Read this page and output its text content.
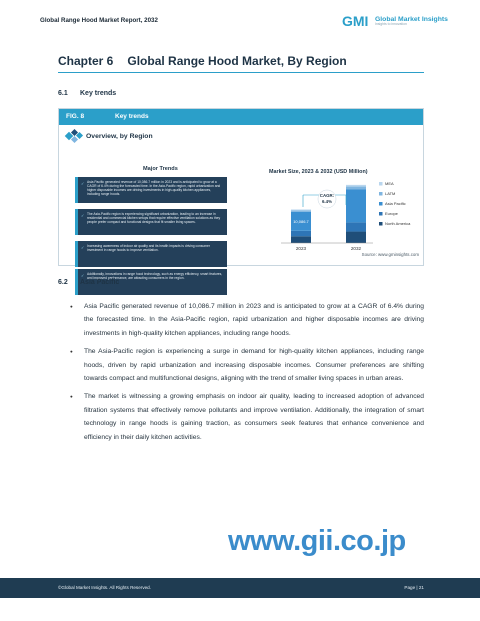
Global Range Hood Market Report, 2032	GMI Global Market Insights
Insights to innovation
Chapter 6 Global Range Hood Market, By Region
6.1 Key trends
FIG. 8	Key trends
Overview, by Region
Major Trends
✓ Asia Pacific generated revenue of 10,086.7 million in 2023 and is anticipated to grow at a CAGR of 6.4% during the forecasted time. In the Asia-Pacific region, rapid urbanization and higher disposable incomes are driving investments in high-quality kitchen appliances, including range hoods.
✓ The Asia-Pacific region is experiencing significant urbanization, leading to an increase in residential and commercial kitchen setups that require effective ventilation solutions as they people prefer compact and functional designs that fit smaller living spaces.
Market Size, 2023 & 2032 (USD Million)
10,086.7
2023	2032
CAGR:
6.4%
MEA
LATM
Asia Pacific
Europe
North America
Source: www.gminsights.com
✓ Increasing awareness of indoor air quality and its health impacts is driving consumer investment in range hoods to improve ventilation.
✓ Additionally, innovations in range hood technology, such as energy efficiency, smart features, and improved performance, are attracting consumers in the region.
6.2 Asia Pacific
● Asia Pacific generated revenue of 10,086.7 million in 2023 and is anticipated to grow at a CAGR of 6.4% during the forecasted time. In the Asia-Pacific region, rapid urbanization and higher disposable incomes are driving investments in high-quality kitchen appliances, including range hoods.
● The Asia-Pacific region is experiencing a surge in demand for high-quality kitchen appliances, including range hoods, driven by rapid urbanization and increasing disposable incomes. Consumer preferences are shifting towards compact and multifunctional designs, aligning with the trend of smaller living spaces in urban areas.
● The market is witnessing a growing emphasis on indoor air quality, leading to increased adoption of advanced filtration systems that effectively remove pollutants and improve ventilation. Additionally, the integration of smart technology in range hoods is gaining traction, as consumers seek features that enhance convenience and efficiency in their daily kitchen activities.
www.gii.co.jp
©Global Market Insights. All Rights Reserved.	Page | 21
